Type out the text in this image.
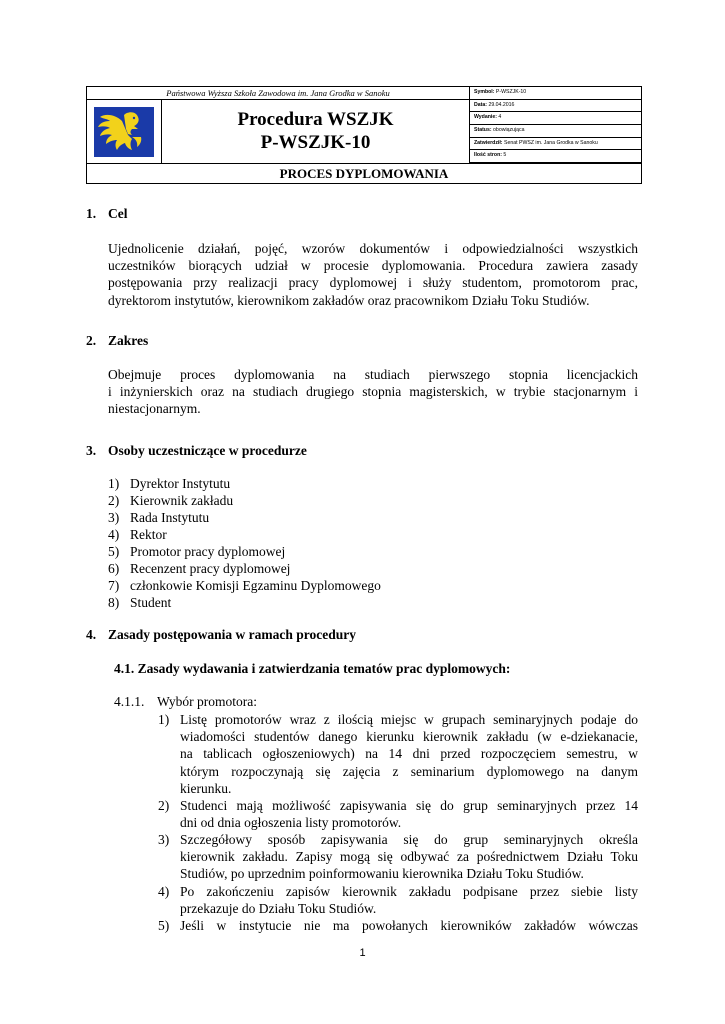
Państwowa Wyższa Szkoła Zawodowa im. Jana Grodka w Sanoku
Procedura WSZJK
P-WSZJK-10
Symbol: P-WSZJK-10
Data: 29.04.2016
Wydanie: 4
Status: obowiązująca
Zatwierdził: Senat PWSZ im. Jana Grodka w Sanoku
Ilość stron: 5
PROCES DYPLOMOWANIA
1. Cel
Ujednolicenie działań, pojęć, wzorów dokumentów i odpowiedzialności wszystkich
uczestników biorących udział w procesie dyplomowania. Procedura zawiera zasady
postępowania przy realizacji pracy dyplomowej i służy studentom, promotorom prac,
dyrektorom instytutów, kierownikom zakładów oraz pracownikom Działu Toku Studiów.
2. Zakres
Obejmuje proces dyplomowania na studiach pierwszego stopnia licencjackich
i inżynierskich oraz na studiach drugiego stopnia magisterskich, w trybie stacjonarnym i
niestacjonarnym.
3. Osoby uczestniczące w procedurze
1) Dyrektor Instytutu
2) Kierownik zakładu
3) Rada Instytutu
4) Rektor
5) Promotor pracy dyplomowej
6) Recenzent pracy dyplomowej
7) członkowie Komisji Egzaminu Dyplomowego
8) Student
4. Zasady postępowania w ramach procedury
4.1. Zasady wydawania i zatwierdzania tematów prac dyplomowych:
4.1.1. Wybór promotora:
1) Listę promotorów wraz z ilością miejsc w grupach seminaryjnych podaje do
wiadomości studentów danego kierunku kierownik zakładu (w e-dziekanacie,
na tablicach ogłoszeniowych) na 14 dni przed rozpoczęciem semestru, w
którym rozpoczynają się zajęcia z seminarium dyplomowego na danym
kierunku.
2) Studenci mają możliwość zapisywania się do grup seminaryjnych przez 14
dni od dnia ogłoszenia listy promotorów.
3) Szczegółowy sposób zapisywania się do grup seminaryjnych określa
kierownik zakładu. Zapisy mogą się odbywać za pośrednictwem Działu Toku
Studiów, po uprzednim poinformowaniu kierownika Działu Toku Studiów.
4) Po zakończeniu zapisów kierownik zakładu podpisane przez siebie listy
przekazuje do Działu Toku Studiów.
5) Jeśli w instytucie nie ma powołanych kierowników zakładów wówczas
1
